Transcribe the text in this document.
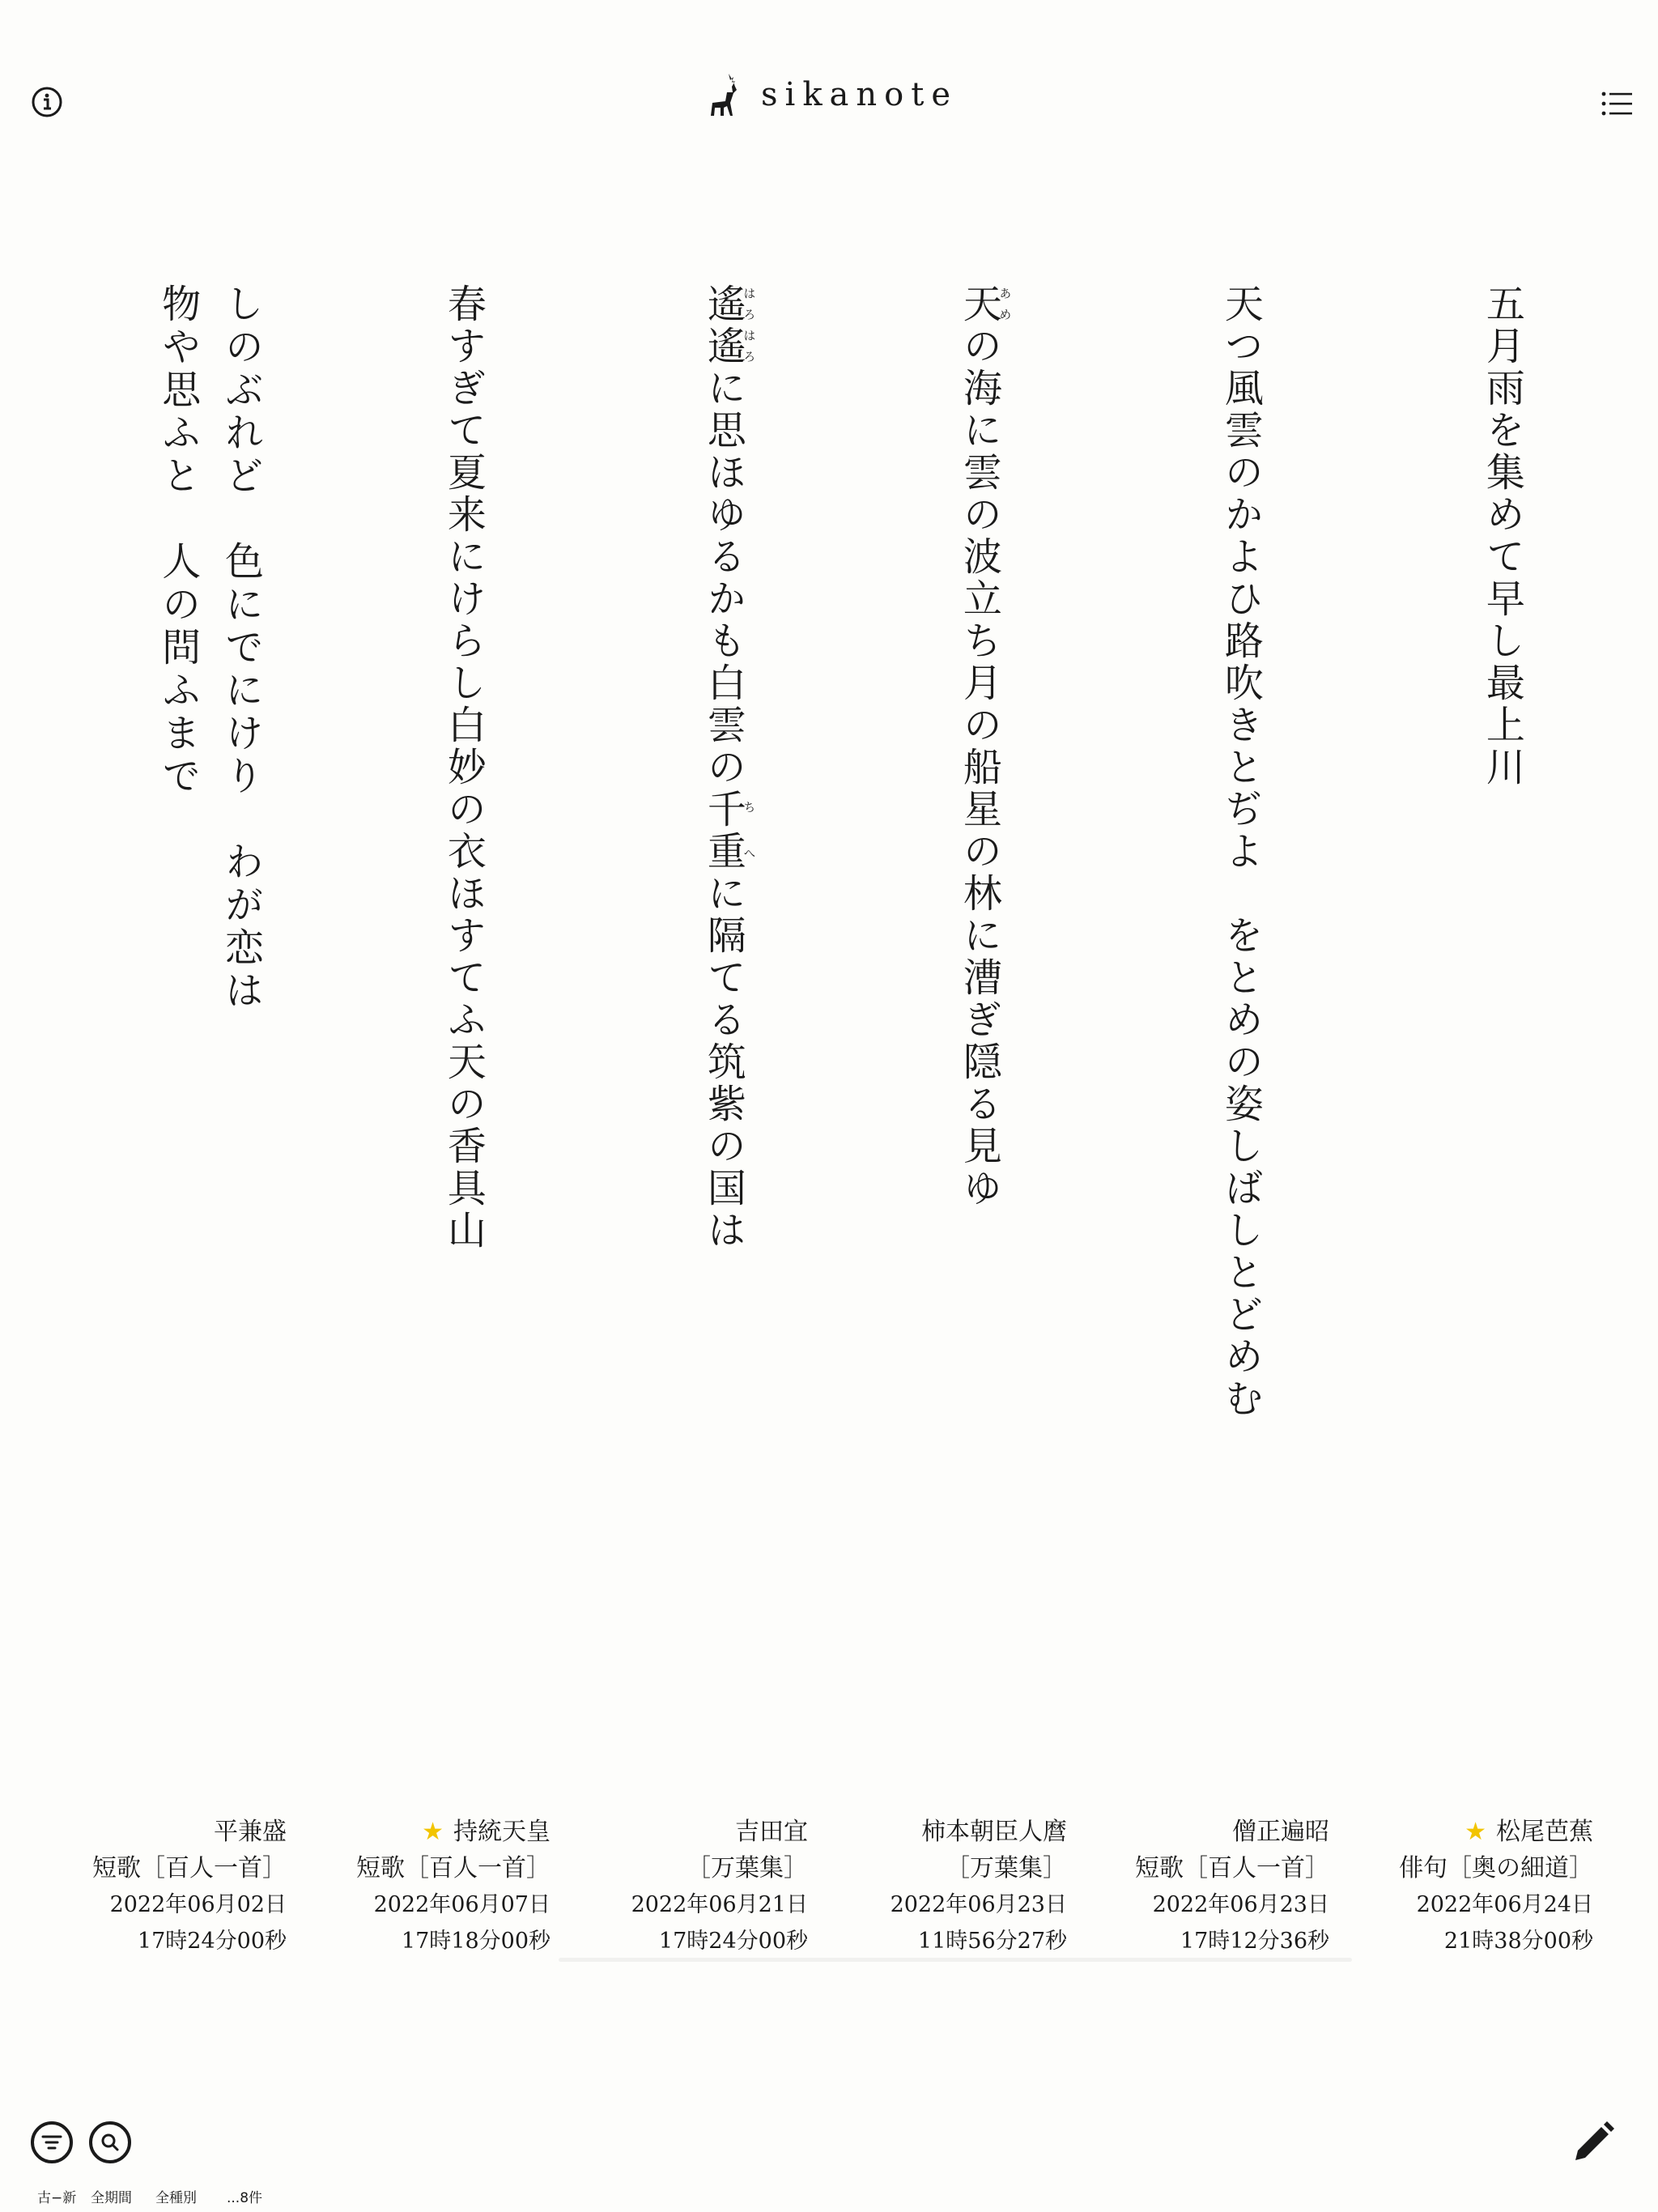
sikanote
五月雨を集めて早し最上川
天つ風雲のかよひ路吹きとぢよ　をとめの姿しばしとどめむ
天あめの海に雲の波立ち月の船星の林に漕ぎ隠る見ゆ
遙遙はろはろに思ほゆるかも白雲の千重ちへに隔てる筑紫の国は
春すぎて夏来にけらし白妙の衣ほすてふ天の香具山
しのぶれど　色にでにけり　わが恋は
物や思ふと　人の問ふまで
★ 松尾芭蕉
俳句［奥の細道］
2022年06月24日
21時38分00秒
僧正遍昭
短歌［百人一首］
2022年06月23日
17時12分36秒
柿本朝臣人麿
［万葉集］
2022年06月23日
11時56分27秒
吉田宜
［万葉集］
2022年06月21日
17時24分00秒
★ 持統天皇
短歌［百人一首］
2022年06月07日
17時18分00秒
平兼盛
短歌［百人一首］
2022年06月02日
17時24分00秒
古−新 全期間 全種別 ...8件
